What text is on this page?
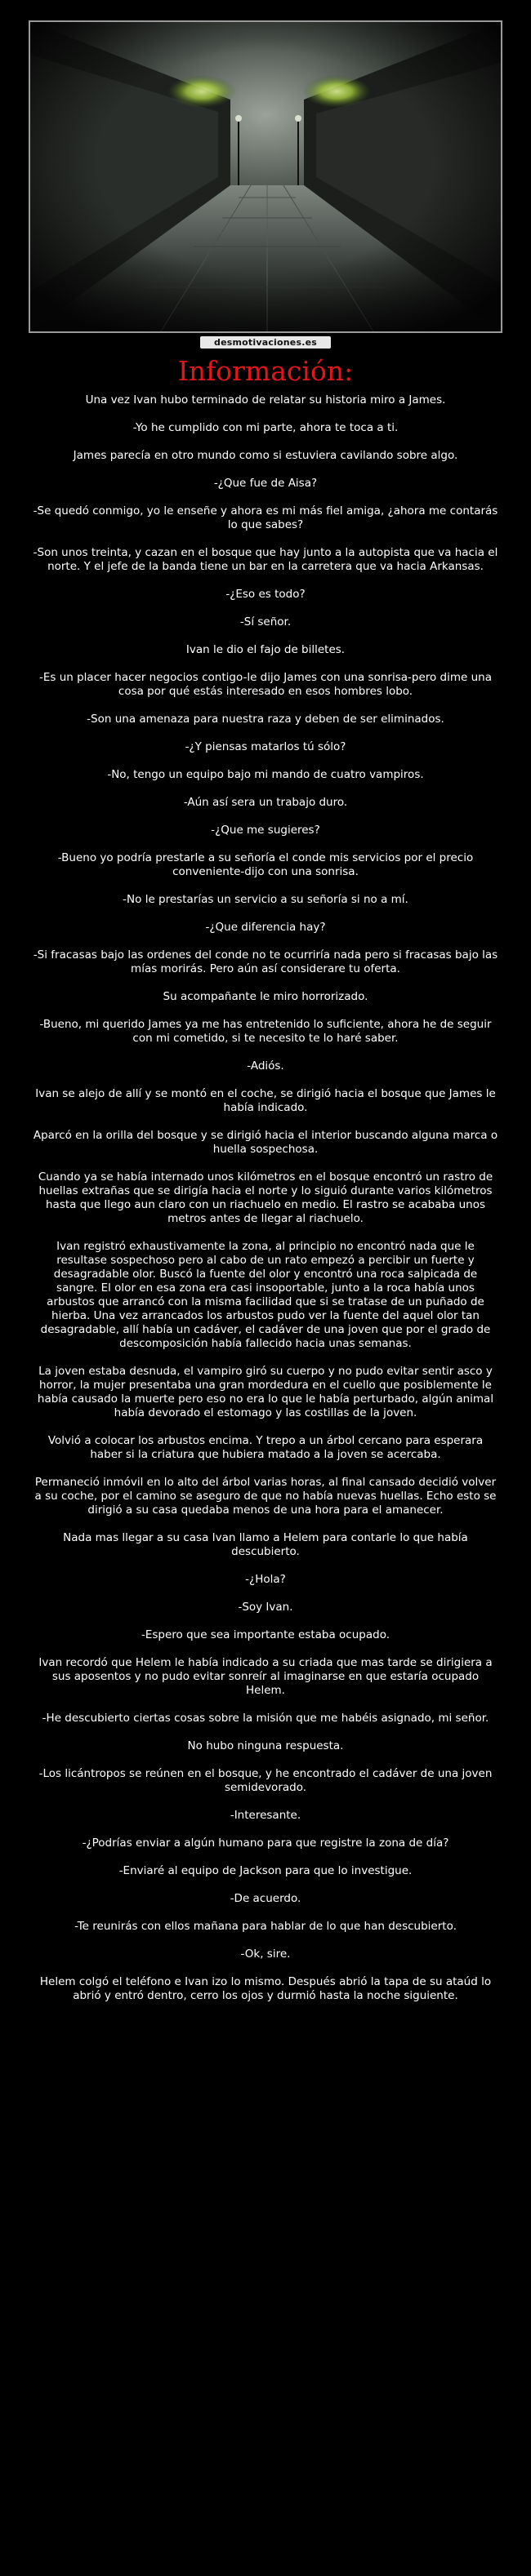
desmotivaciones.es
Información:

Una vez Ivan hubo terminado de relatar su historia miro a James.

-Yo he cumplido con mi parte, ahora te toca a ti.

James parecía en otro mundo como si estuviera cavilando sobre algo.

-¿Que fue de Aisa?

-Se quedó conmigo, yo le enseñe y ahora es mi más fiel amiga, ¿ahora me contarás lo que sabes?

-Son unos treinta, y cazan en el bosque que hay junto a la autopista que va hacia el norte. Y el jefe de la banda tiene un bar en la carretera que va hacia Arkansas.

-¿Eso es todo?

-Sí señor.

Ivan le dio el fajo de billetes.

-Es un placer hacer negocios contigo-le dijo James con una sonrisa-pero dime una cosa por qué estás interesado en esos hombres lobo.

-Son una amenaza para nuestra raza y deben de ser eliminados.

-¿Y piensas matarlos tú sólo?

-No, tengo un equipo bajo mi mando de cuatro vampiros.

-Aún así sera un trabajo duro.

-¿Que me sugieres?

-Bueno yo podría prestarle a su señoría el conde mis servicios por el precio conveniente-dijo con una sonrisa.

-No le prestarías un servicio a su señoría si no a mí.

-¿Que diferencia hay?

-Si fracasas bajo las ordenes del conde no te ocurriría nada pero si fracasas bajo las mías morirás. Pero aún así considerare tu oferta.

Su acompañante le miro horrorizado.

-Bueno, mi querido James ya me has entretenido lo suficiente, ahora he de seguir con mi cometido, si te necesito te lo haré saber.

-Adiós.

Ivan se alejo de allí y se montó en el coche, se dirigió hacia el bosque que James le había indicado.

Aparcó en la orilla del bosque y se dirigió hacia el interior buscando alguna marca o huella sospechosa.

Cuando ya se había internado unos kilómetros en el bosque encontró un rastro de huellas extrañas que se dirigía hacia el norte y lo siguió durante varios kilómetros hasta que llego aun claro con un riachuelo en medio. El rastro se acababa unos metros antes de llegar al riachuelo.

Ivan registró exhaustivamente la zona, al principio no encontró nada que le resultase sospechoso pero al cabo de un rato empezó a percibir un fuerte y desagradable olor. Buscó la fuente del olor y encontró una roca salpicada de sangre. El olor en esa zona era casi insoportable, junto a la roca había unos arbustos que arrancó con la misma facilidad que si se tratase de un puñado de hierba. Una vez arrancados los arbustos pudo ver la fuente del aquel olor tan desagradable, allí había un cadáver, el cadáver de una joven que por el grado de descomposición había fallecido hacia unas semanas.

La joven estaba desnuda, el vampiro giró su cuerpo y no pudo evitar sentir asco y horror, la mujer presentaba una gran mordedura en el cuello que posiblemente le había causado la muerte pero eso no era lo que le había perturbado, algún animal había devorado el estomago y las costillas de la joven.

Volvió a colocar los arbustos encima. Y trepo a un árbol cercano para esperara haber si la criatura que hubiera matado a la joven se acercaba.

Permaneció inmóvil en lo alto del árbol varias horas, al final cansado decidió volver a su coche, por el camino se aseguro de que no había nuevas huellas. Echo esto se dirigió a su casa quedaba menos de una hora para el amanecer.

Nada mas llegar a su casa Ivan llamo a Helem para contarle lo que había descubierto.

-¿Hola?

-Soy Ivan.

-Espero que sea importante estaba ocupado.

Ivan recordó que Helem le había indicado a su criada que mas tarde se dirigiera a sus aposentos y no pudo evitar sonreír al imaginarse en que estaría ocupado Helem.

-He descubierto ciertas cosas sobre la misión que me habéis asignado, mi señor.

No hubo ninguna respuesta.

-Los licántropos se reúnen en el bosque, y he encontrado el cadáver de una joven semidevorado.

-Interesante.

-¿Podrías enviar a algún humano para que registre la zona de día?

-Enviaré al equipo de Jackson para que lo investigue.

-De acuerdo.

-Te reunirás con ellos mañana para hablar de lo que han descubierto.

-Ok, sire.

Helem colgó el teléfono e Ivan izo lo mismo. Después abrió la tapa de su ataúd lo abrió y entró dentro, cerro los ojos y durmió hasta la noche siguiente.
